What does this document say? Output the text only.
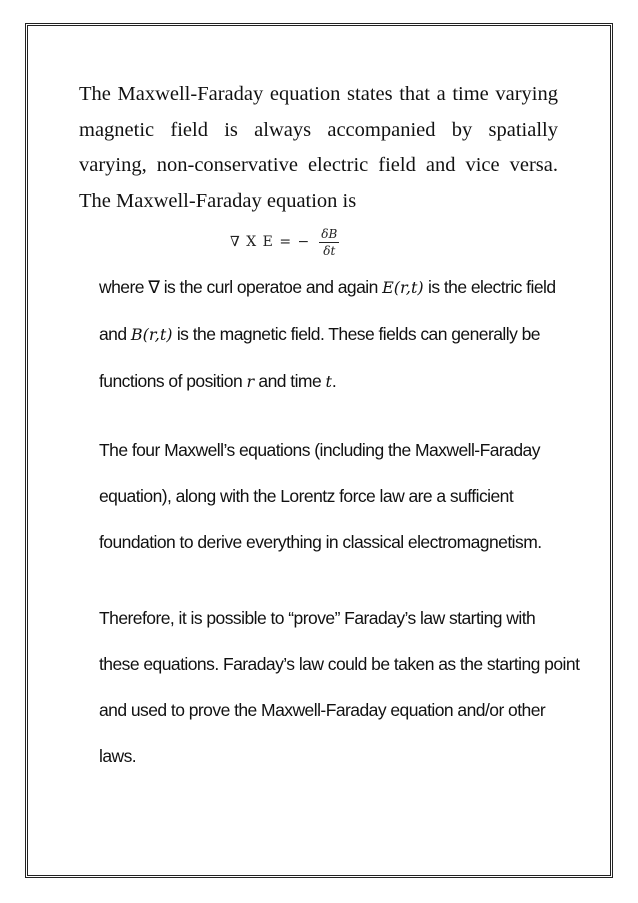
The Maxwell-Faraday equation states that a time varying magnetic field is always accompanied by spatially varying, non-conservative electric field and vice versa. The Maxwell-Faraday equation is

∇ X E = − $\frac{\delta B}{\delta t}$
where ∇ is the curl operatoe and again E(r,t) is the electric field
and B(r,t) is the magnetic field. These fields can generally be
functions of position r and time t.
The four Maxwell’s equations (including the Maxwell-Faraday
equation), along with the Lorentz force law are a sufficient
foundation to derive everything in classical electromagnetism.
Therefore, it is possible to “prove” Faraday’s law starting with
these equations. Faraday’s law could be taken as the starting point
and used to prove the Maxwell-Faraday equation and/or other
laws.
